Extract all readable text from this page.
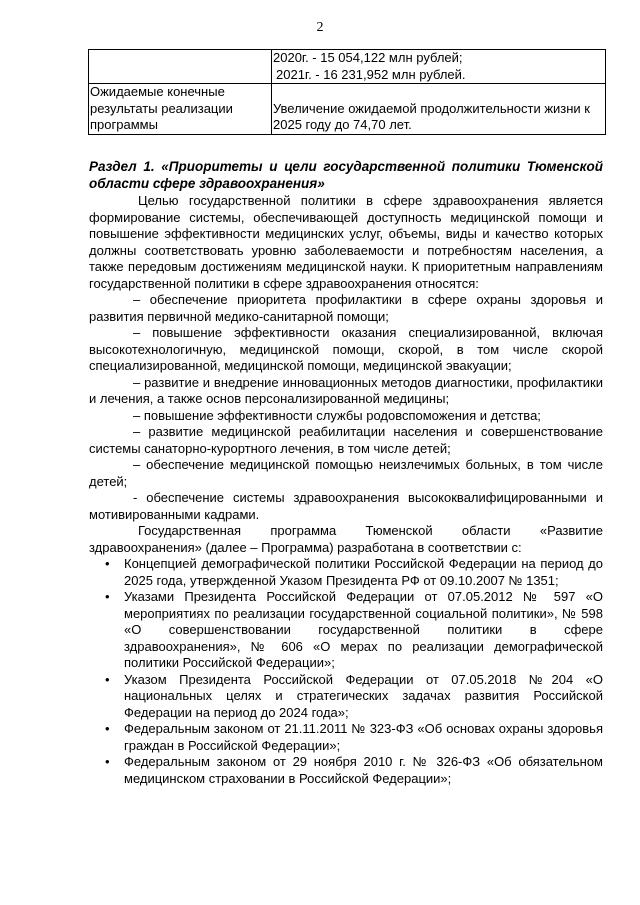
2

	2020г. - 15 054,122 млн рублей;
2021г. - 16 231,952 млн рублей.

Ожидаемые конечные результаты реализации программы	Увеличение ожидаемой продолжительности жизни к 2025 году до 74,70 лет.

Раздел 1. «Приоритеты и цели государственной политики Тюменской области сфере здравоохранения»

Целью государственной политики в сфере здравоохранения является формирование системы, обеспечивающей доступность медицинской помощи и повышение эффективности медицинских услуг, объемы, виды и качество которых должны соответствовать уровню заболеваемости и потребностям населения, а также передовым достижениям медицинской науки. К приоритетным направлениям государственной политики в сфере здравоохранения относятся:

– обеспечение приоритета профилактики в сфере охраны здоровья и развития первичной медико-санитарной помощи;

– повышение эффективности оказания специализированной, включая высокотехнологичную, медицинской помощи, скорой, в том числе скорой специализированной, медицинской помощи, медицинской эвакуации;

– развитие и внедрение инновационных методов диагностики, профилактики и лечения, а также основ персонализированной медицины;

– повышение эффективности службы родовспоможения и детства;

– развитие медицинской реабилитации населения и совершенствование системы санаторно-курортного лечения, в том числе детей;

– обеспечение медицинской помощью неизлечимых больных, в том числе детей;

- обеспечение системы здравоохранения высококвалифицированными и мотивированными кадрами.

Государственная программа Тюменской области «Развитие здравоохранения» (далее – Программа) разработана в соответствии с:

• Концепцией демографической политики Российской Федерации на период до 2025 года, утвержденной Указом Президента РФ от 09.10.2007 № 1351;
• Указами Президента Российской Федерации от 07.05.2012 № 597 «О мероприятиях по реализации государственной социальной политики», № 598 «О совершенствовании государственной политики в сфере здравоохранения», № 606 «О мерах по реализации демографической политики Российской Федерации»;
• Указом Президента Российской Федерации от 07.05.2018 №204 «О национальных целях и стратегических задачах развития Российской Федерации на период до 2024 года»;
• Федеральным законом от 21.11.2011 № 323-ФЗ «Об основах охраны здоровья граждан в Российской Федерации»;
• Федеральным законом от 29 ноября 2010 г. № 326-ФЗ «Об обязательном медицинском страховании в Российской Федерации»;
